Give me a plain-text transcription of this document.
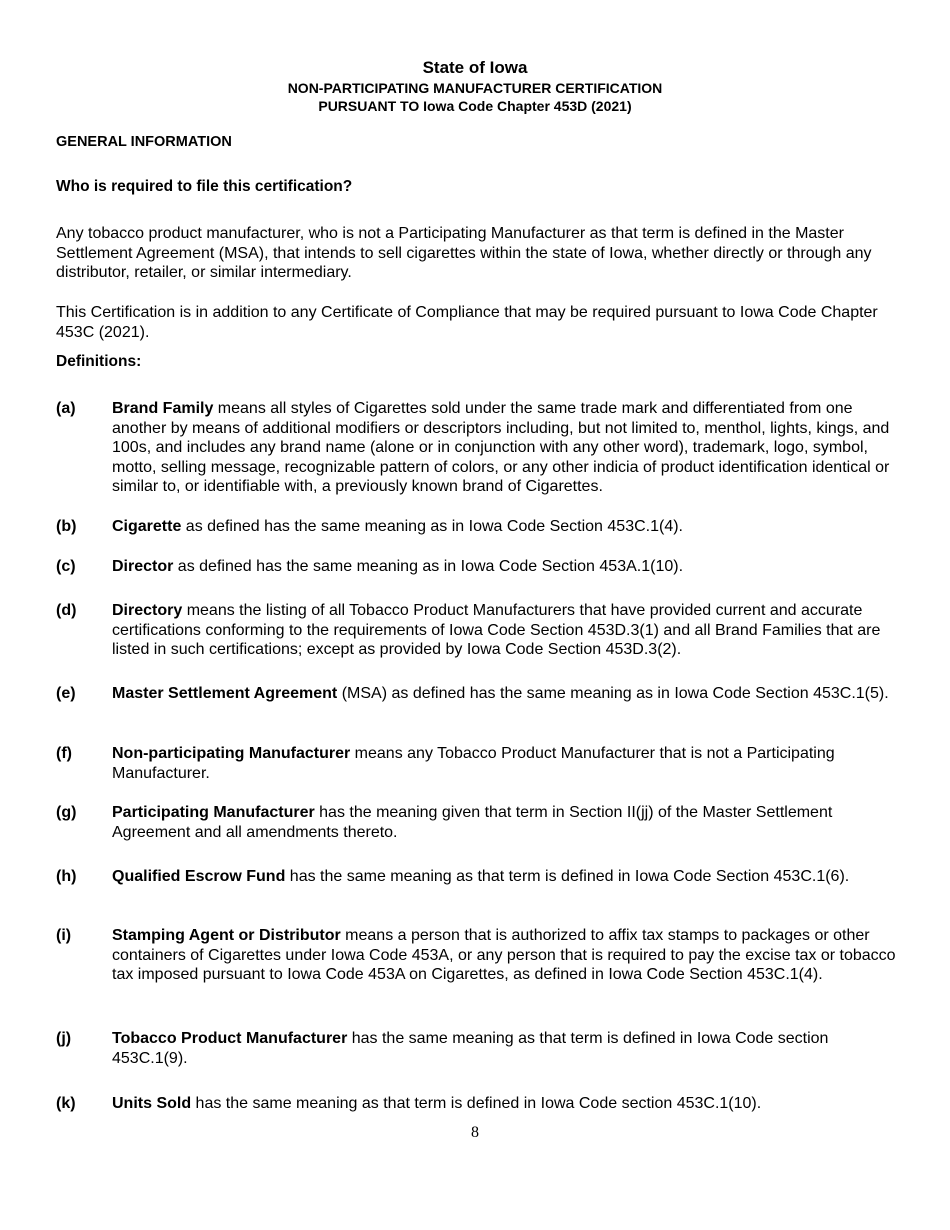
State of Iowa
NON-PARTICIPATING MANUFACTURER CERTIFICATION
PURSUANT TO Iowa Code Chapter 453D (2021)
GENERAL INFORMATION
Who is required to file this certification?
Any tobacco product manufacturer, who is not a Participating Manufacturer as that term is defined in the Master Settlement Agreement (MSA), that intends to sell cigarettes within the state of Iowa, whether directly or through any distributor, retailer, or similar intermediary.
This Certification is in addition to any Certificate of Compliance that may be required pursuant to Iowa Code Chapter 453C (2021).
Definitions:
(a) Brand Family means all styles of Cigarettes sold under the same trade mark and differentiated from one another by means of additional modifiers or descriptors including, but not limited to, menthol, lights, kings, and 100s, and includes any brand name (alone or in conjunction with any other word), trademark, logo, symbol, motto, selling message, recognizable pattern of colors, or any other indicia of product identification identical or similar to, or identifiable with, a previously known brand of Cigarettes.
(b) Cigarette as defined has the same meaning as in Iowa Code Section 453C.1(4).
(c) Director as defined has the same meaning as in Iowa Code Section 453A.1(10).
(d) Directory means the listing of all Tobacco Product Manufacturers that have provided current and accurate certifications conforming to the requirements of Iowa Code Section 453D.3(1) and all Brand Families that are listed in such certifications; except as provided by Iowa Code Section 453D.3(2).
(e) Master Settlement Agreement (MSA) as defined has the same meaning as in Iowa Code Section 453C.1(5).
(f)	Non-participating Manufacturer means any Tobacco Product Manufacturer that is not a Participating Manufacturer.
(g) Participating Manufacturer has the meaning given that term in Section II(jj) of the Master Settlement Agreement and all amendments thereto.
(h) Qualified Escrow Fund has the same meaning as that term is defined in Iowa Code Section 453C.1(6).
(i)	Stamping Agent or Distributor means a person that is authorized to affix tax stamps to packages or other containers of Cigarettes under Iowa Code 453A, or any person that is required to pay the excise tax or tobacco tax imposed pursuant to Iowa Code 453A on Cigarettes, as defined in Iowa Code Section 453C.1(4).
(j)	Tobacco Product Manufacturer has the same meaning as that term is defined in Iowa Code section 453C.1(9).
(k) Units Sold has the same meaning as that term is defined in Iowa Code section 453C.1(10).
8
